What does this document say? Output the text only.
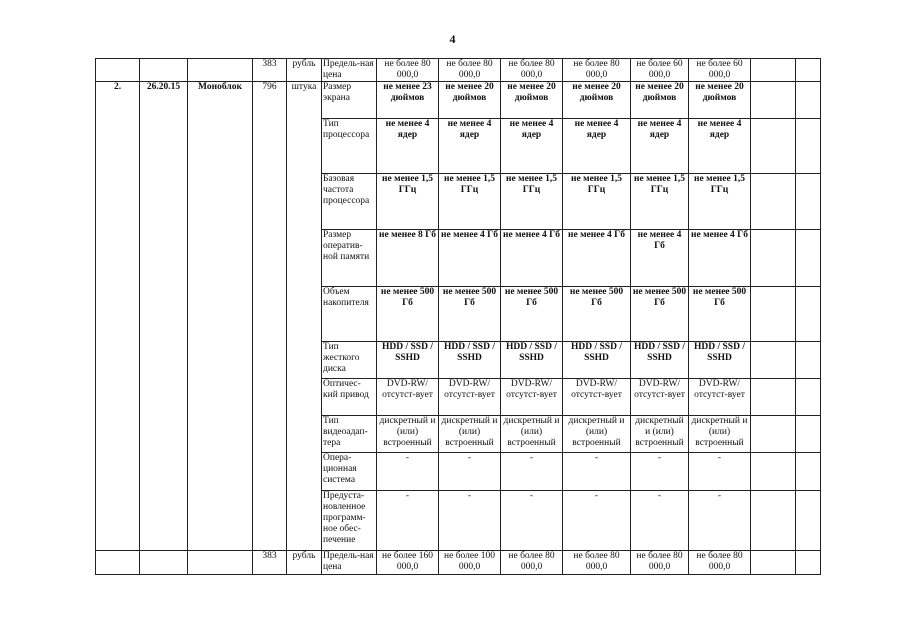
4
			383	рубль	Предель-ная цена	не более 80 000,0	не более 80 000,0	не более 80 000,0	не более 80 000,0	не более 60 000,0	не более 60 000,0		
2.	26.20.15	Моноблок	796	штука	Размер экрана	не менее 23 дюймов	не менее 20 дюймов	не менее 20 дюймов	не менее 20 дюймов	не менее 20 дюймов	не менее 20 дюймов		
					Тип процессора	не менее 4 ядер	не менее 4 ядер	не менее 4 ядер	не менее 4 ядер	не менее 4 ядер	не менее 4 ядер		
					Базовая частота процессора	не менее 1,5 ГГц	не менее 1,5 ГГц	не менее 1,5 ГГц	не менее 1,5 ГГц	не менее 1,5 ГГц	не менее 1,5 ГГц		
					Размер оператив-ной памяти	не менее 8 Гб	не менее 4 Гб	не менее 4 Гб	не менее 4 Гб	не менее 4 Гб	не менее 4 Гб		
					Объем накопителя	не менее 500 Гб	не менее 500 Гб	не менее 500 Гб	не менее 500 Гб	не менее 500 Гб	не менее 500 Гб		
					Тип жесткого диска	HDD / SSD / SSHD	HDD / SSD / SSHD	HDD / SSD / SSHD	HDD / SSD / SSHD	HDD / SSD / SSHD	HDD / SSD / SSHD		
					Оптичес-кий привод	DVD-RW/отсутст-вует	DVD-RW/отсутст-вует	DVD-RW/отсутст-вует	DVD-RW/отсутст-вует	DVD-RW/отсутст-вует	DVD-RW/отсутст-вует		
					Тип видеоадап-тера	дискретный и (или) встроенный	дискретный и (или) встроенный	дискретный и (или) встроенный	дискретный и (или) встроенный	дискретный и (или) встроенный	дискретный и (или) встроенный		
					Опера-ционная система	-	-	-	-	-	-		
					Предуста-новленное программ-ное обес-печение	-	-	-	-	-	-		
			383	рубль	Предель-ная цена	не более 160 000,0	не более 100 000,0	не более 80 000,0	не более 80 000,0	не более 80 000,0	не более 80 000,0		
